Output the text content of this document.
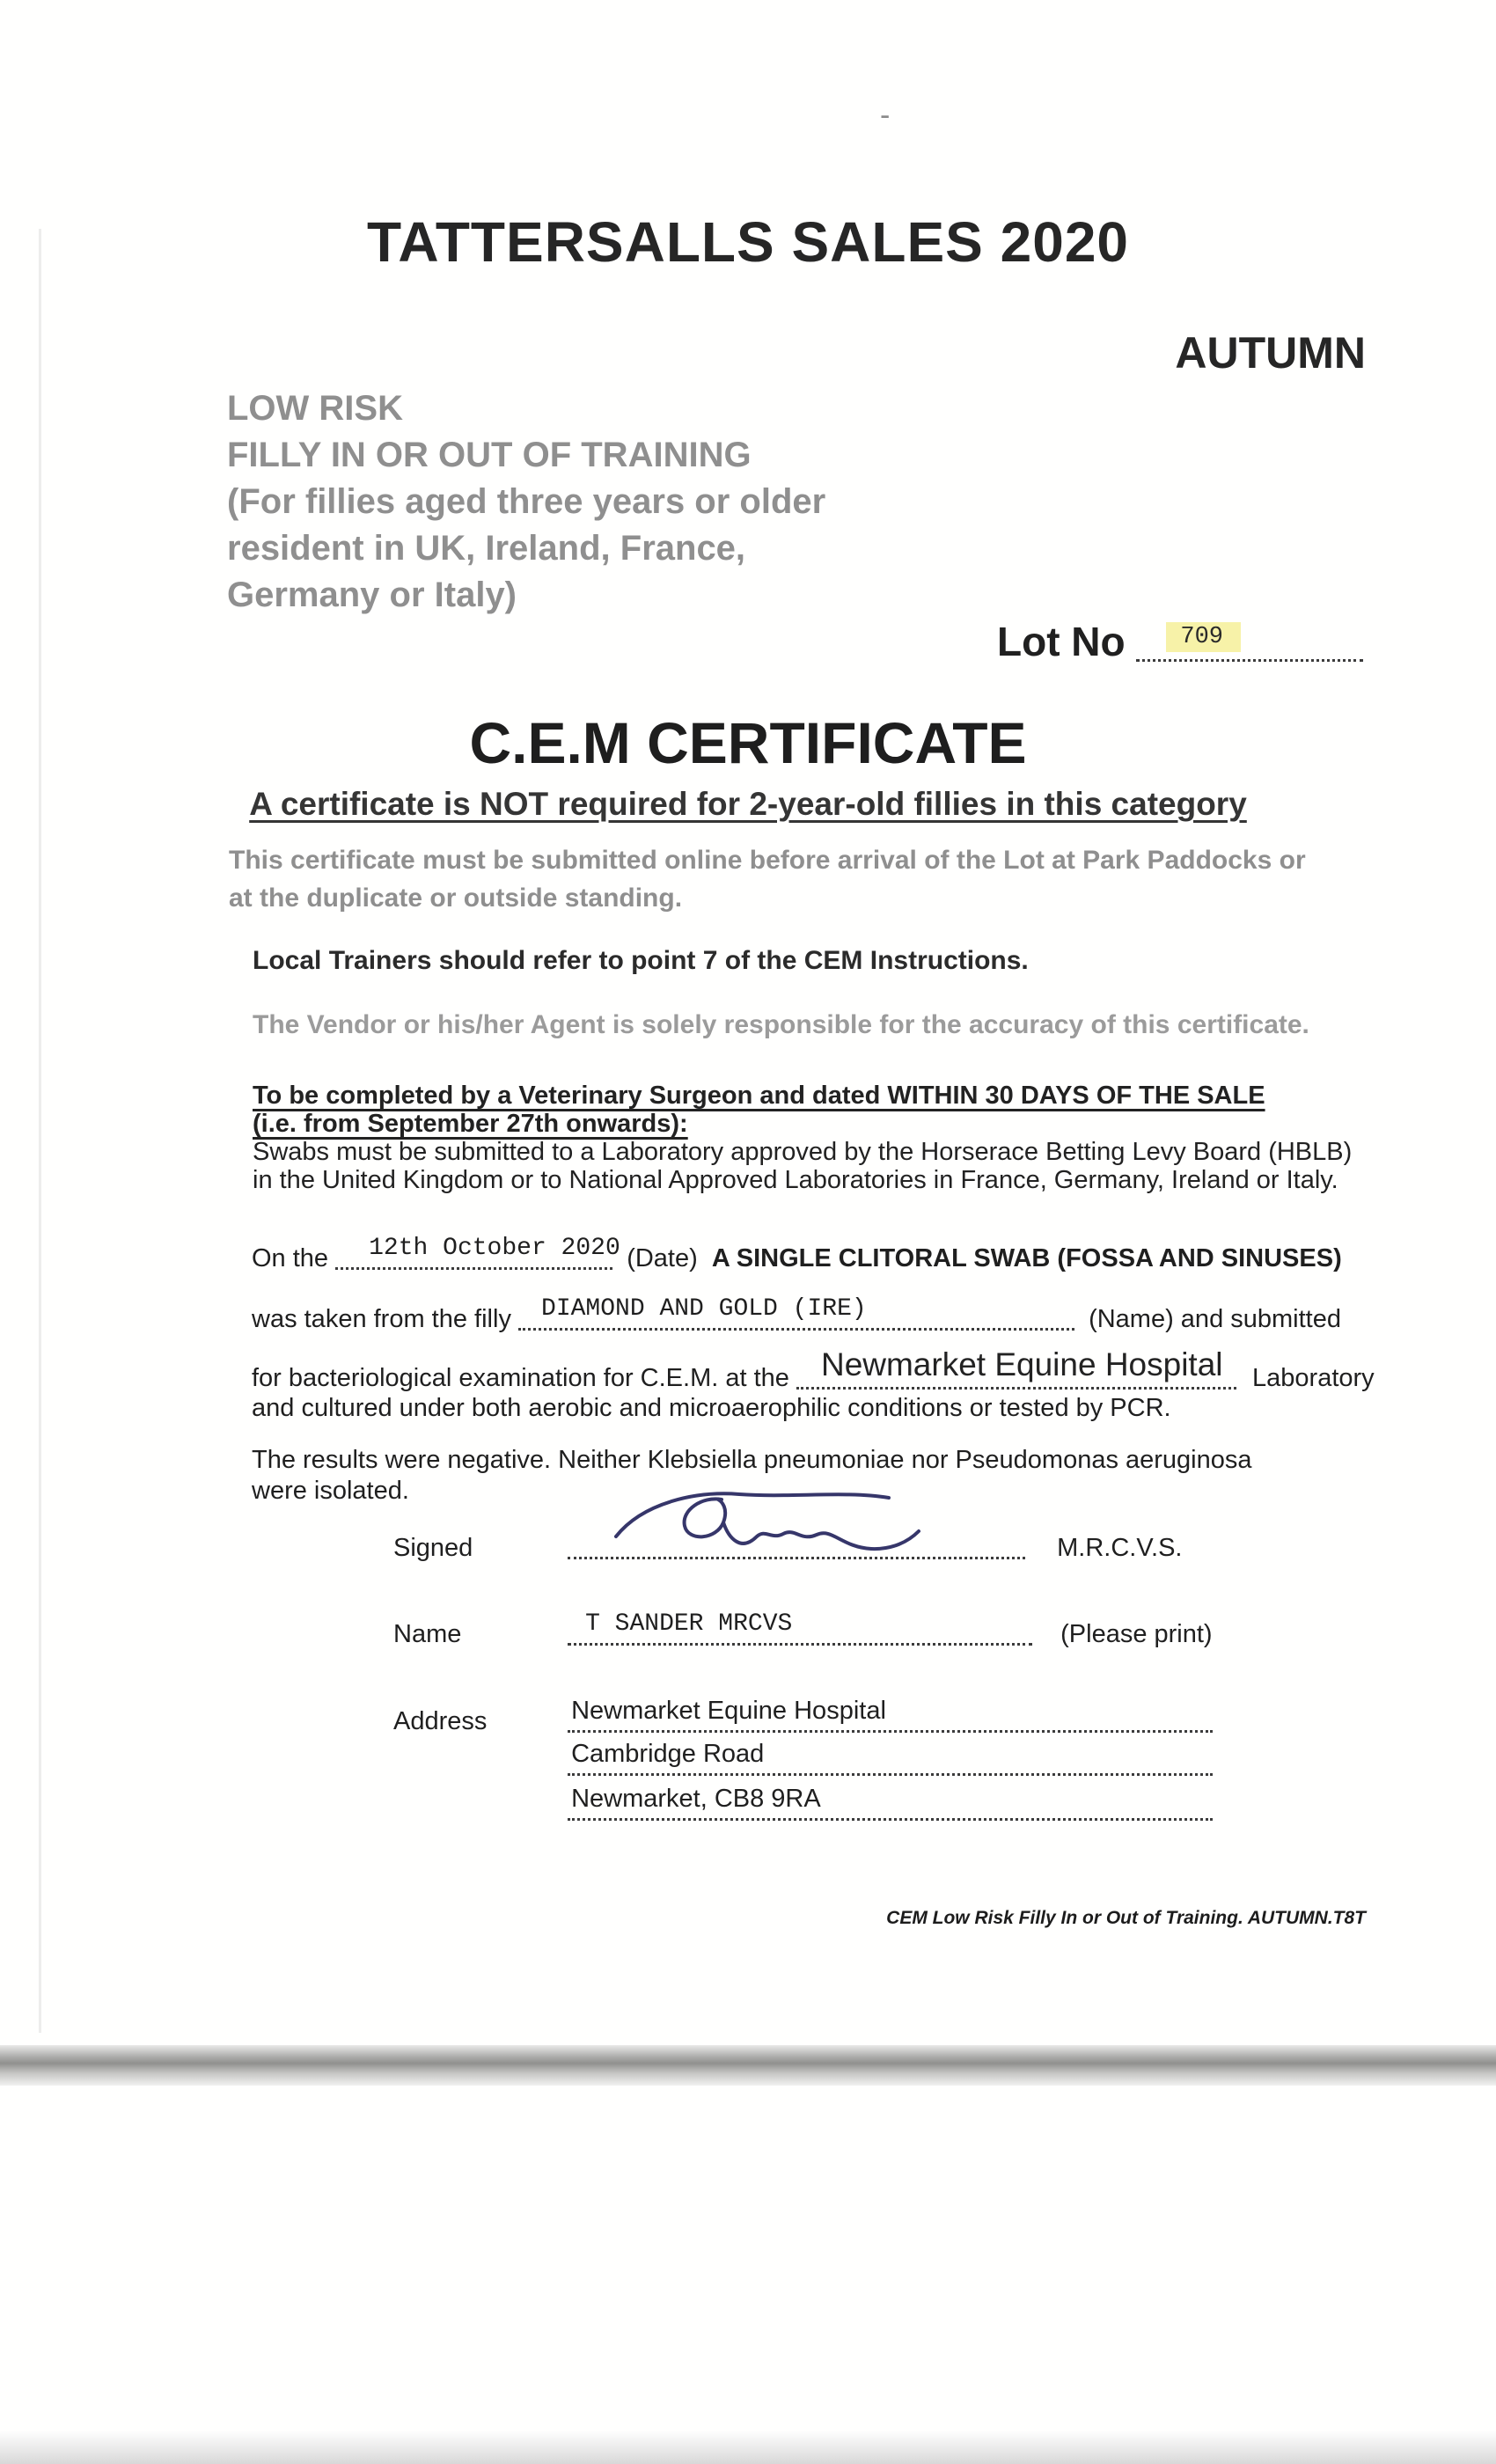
-
TATTERSALLS SALES 2020
AUTUMN
LOW RISK
FILLY IN OR OUT OF TRAINING
(For fillies aged three years or older
resident in UK, Ireland, France,
Germany or Italy)
Lot No	709
C.E.M CERTIFICATE
A certificate is NOT required for 2-year-old fillies in this category
This certificate must be submitted online before arrival of the Lot at Park Paddocks or
at the duplicate or outside standing.
Local Trainers should refer to point 7 of the CEM Instructions.
The Vendor or his/her Agent is solely responsible for the accuracy of this certificate.
To be completed by a Veterinary Surgeon and dated WITHIN 30 DAYS OF THE SALE
(i.e. from September 27th onwards):
Swabs must be submitted to a Laboratory approved by the Horserace Betting Levy Board (HBLB)
in the United Kingdom or to National Approved Laboratories in France, Germany, Ireland or Italy.
On the 12th October 2020 (Date) A SINGLE CLITORAL SWAB (FOSSA AND SINUSES)
was taken from the filly DIAMOND AND GOLD (IRE)	(Name) and submitted
for bacteriological examination for C.E.M. at the Newmarket Equine Hospital Laboratory
and cultured under both aerobic and microaerophilic conditions or tested by PCR.
The results were negative. Neither Klebsiella pneumoniae nor Pseudomonas aeruginosa
were isolated.
Signed	M.R.C.V.S.
Name	T SANDER MRCVS	(Please print)
Address	Newmarket Equine Hospital

Cambridge Road

Newmarket, CB8 9RA
CEM Low Risk Filly In or Out of Training. AUTUMN.T8T
